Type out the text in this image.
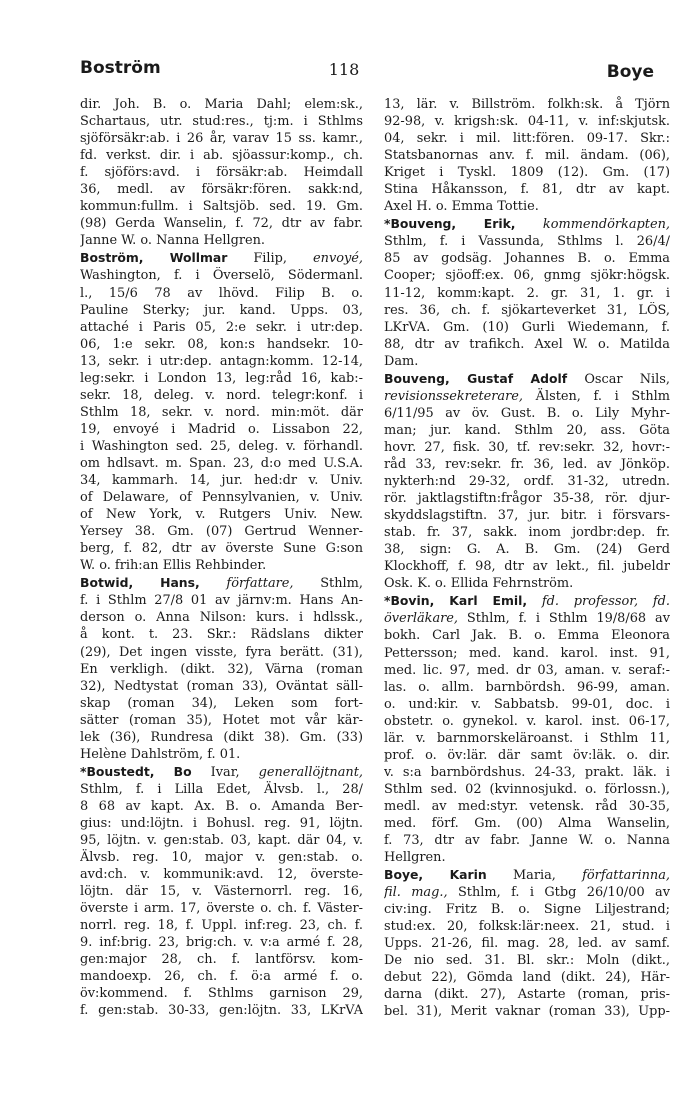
Boström	118	Boye
dir. Joh. B. o. Maria Dahl; elem:sk.,
Schartaus, utr. stud:res., tj:m. i Sthlms
sjöförsäkr:ab. i 26 år, varav 15 ss. kamr.,
fd. verkst. dir. i ab. sjöassur:komp., ch.
f. sjöförs:avd. i försäkr:ab. Heimdall
36, medl. av försäkr:fören. sakk:nd,
kommun:fullm. i Saltsjöb. sed. 19. Gm.
(98) Gerda Wanselin, f. 72, dtr av fabr.
Janne W. o. Nanna Hellgren.
Boström, Wollmar Filip, envoyé,
Washington, f. i Överselö, Södermanl.
l., 15/6 78 av lhövd. Filip B. o.
Pauline Sterky; jur. kand. Upps. 03,
attaché i Paris 05, 2:e sekr. i utr:dep.
06, 1:e sekr. 08, kon:s handsekr. 10-
13, sekr. i utr:dep. antagn:komm. 12-14,
leg:sekr. i London 13, leg:råd 16, kab:-
sekr. 18, deleg. v. nord. telegr:konf. i
Sthlm 18, sekr. v. nord. min:möt. där
19, envoyé i Madrid o. Lissabon 22,
i Washington sed. 25, deleg. v. förhandl.
om hdlsavt. m. Span. 23, d:o med U.S.A.
34, kammarh. 14, jur. hed:dr v. Univ.
of Delaware, of Pennsylvanien, v. Univ.
of New York, v. Rutgers Univ. New.
Yersey 38. Gm. (07) Gertrud Wenner-
berg, f. 82, dtr av överste Sune G:son
W. o. frih:an Ellis Rehbinder.
Botwid, Hans, författare, Sthlm,
f. i Sthlm 27/8 01 av järnv:m. Hans An-
derson o. Anna Nilson: kurs. i hdlssk.,
å kont. t. 23. Skr.: Rädslans dikter
(29), Det ingen visste, fyra berätt. (31),
En verkligh. (dikt. 32), Värna (roman
32), Nedtystat (roman 33), Oväntat säll-
skap (roman 34), Leken som fort-
sätter (roman 35), Hotet mot vår kär-
lek (36), Rundresa (dikt 38). Gm. (33)
Helène Dahlström, f. 01.
*Boustedt, Bo Ivar, generallöjtnant,
Sthlm, f. i Lilla Edet, Älvsb. l., 28/
8 68 av kapt. Ax. B. o. Amanda Ber-
gius: und:löjtn. i Bohusl. reg. 91, löjtn.
95, löjtn. v. gen:stab. 03, kapt. där 04, v.
Älvsb. reg. 10, major v. gen:stab. o.
avd:ch. v. kommunik:avd. 12, överste-
löjtn. där 15, v. Västernorrl. reg. 16,
överste i arm. 17, överste o. ch. f. Väster-
norrl. reg. 18, f. Uppl. inf:reg. 23, ch. f.
9. inf:brig. 23, brig:ch. v. v:a armé f. 28,
gen:major 28, ch. f. lantförsv. kom-
mandoexp. 26, ch. f. ö:a armé f. o.
öv:kommend. f. Sthlms garnison 29,
f. gen:stab. 30-33, gen:löjtn. 33, LKrVA
13, lär. v. Billström. folkh:sk. å Tjörn
92-98, v. krigsh:sk. 04-11, v. inf:skjutsk.
04, sekr. i mil. litt:fören. 09-17. Skr.:
Statsbanornas anv. f. mil. ändam. (06),
Kriget i Tyskl. 1809 (12). Gm. (17)
Stina Håkansson, f. 81, dtr av kapt.
Axel H. o. Emma Tottie.
*Bouveng, Erik, kommendörkapten,
Sthlm, f. i Vassunda, Sthlms l. 26/4/
85 av godsäg. Johannes B. o. Emma
Cooper; sjöoff:ex. 06, gnmg sjökr:högsk.
11-12, komm:kapt. 2. gr. 31, 1. gr. i
res. 36, ch. f. sjökarteverket 31, LÖS,
LKrVA. Gm. (10) Gurli Wiedemann, f.
88, dtr av trafikch. Axel W. o. Matilda
Dam.
Bouveng, Gustaf Adolf Oscar Nils,
revisionssekreterare, Älsten, f. i Sthlm
6/11/95 av öv. Gust. B. o. Lily Myhr-
man; jur. kand. Sthlm 20, ass. Göta
hovr. 27, fisk. 30, tf. rev:sekr. 32, hovr:-
råd 33, rev:sekr. fr. 36, led. av Jönköp.
nykterh:nd 29-32, ordf. 31-32, utredn.
rör. jaktlagstiftn:frågor 35-38, rör. djur-
skyddslagstiftn. 37, jur. bitr. i försvars-
stab. fr. 37, sakk. inom jordbr:dep. fr.
38, sign: G. A. B. Gm. (24) Gerd
Klockhoff, f. 98, dtr av lekt., fil. jubeldr
Osk. K. o. Ellida Fehrnström.
*Bovin, Karl Emil, fd. professor, fd.
överläkare, Sthlm, f. i Sthlm 19/8/68 av
bokh. Carl Jak. B. o. Emma Eleonora
Pettersson; med. kand. karol. inst. 91,
med. lic. 97, med. dr 03, aman. v. seraf:-
las. o. allm. barnbördsh. 96-99, aman.
o. und:kir. v. Sabbatsb. 99-01, doc. i
obstetr. o. gynekol. v. karol. inst. 06-17,
lär. v. barnmorskeläroanst. i Sthlm 11,
prof. o. öv:lär. där samt öv:läk. o. dir.
v. s:a barnbördshus. 24-33, prakt. läk. i
Sthlm sed. 02 (kvinnosjukd. o. förlossn.),
medl. av med:styr. vetensk. råd 30-35,
med. förf. Gm. (00) Alma Wanselin,
f. 73, dtr av fabr. Janne W. o. Nanna
Hellgren.
Boye, Karin Maria, författarinna,
fil. mag., Sthlm, f. i Gtbg 26/10/00 av
civ:ing. Fritz B. o. Signe Liljestrand;
stud:ex. 20, folksk:lär:neex. 21, stud. i
Upps. 21-26, fil. mag. 28, led. av samf.
De nio sed. 31. Bl. skr.: Moln (dikt.,
debut 22), Gömda land (dikt. 24), Här-
darna (dikt. 27), Astarte (roman, pris-
bel. 31), Merit vaknar (roman 33), Upp-
